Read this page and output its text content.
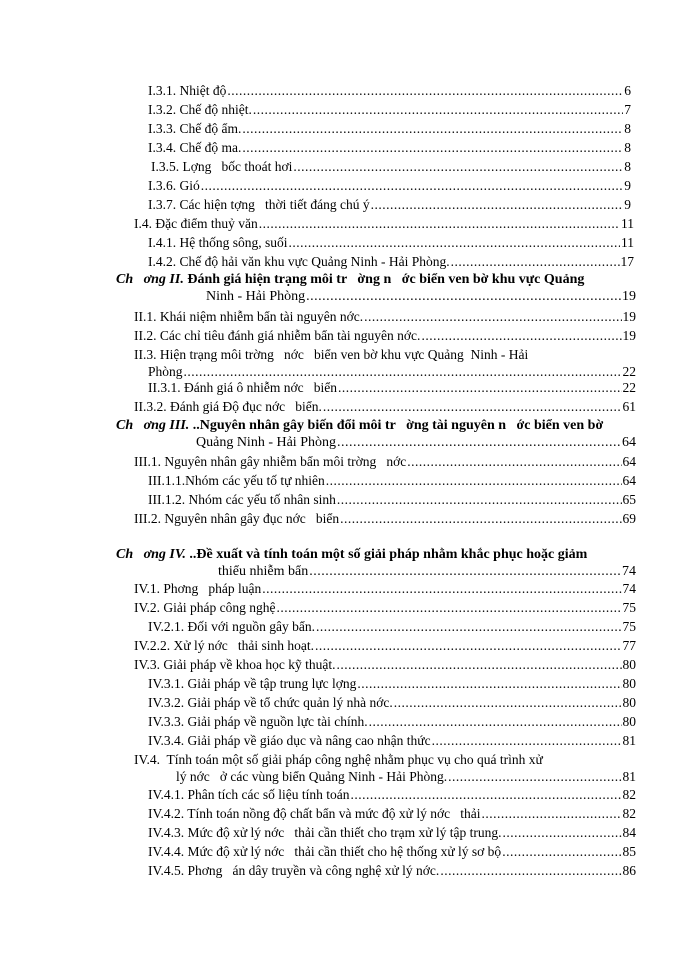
I.3.1. Nhiệt độ .....	6
I.3.2. Chế độ nhiệt. .....	7
I.3.3. Chế độ ẩm. .....	8
I.3.4. Chế độ ma. .....	8
I.3.5. Lợng   bốc thoát hơi .....	8
I.3.6. Gió .....	9
I.3.7. Các hiện tợng   thời tiết đáng chú ý .....	9
I.4. Đặc điểm thuỷ văn .....	11
I.4.1. Hệ thống sông, suối .....	11
I.4.2. Chế độ hải văn khu vực Quảng Ninh - Hải Phòng. .....	17
Ch   ơng II. Đánh giá hiện trạng môi tr   ờng n   ớc biển ven bờ khu vực Quảng
Ninh - Hải Phòng .....	19
II.1. Khái niệm nhiễm bẩn tài nguyên nớc. .....	19
II.2. Các chỉ tiêu đánh giá nhiễm bẩn tài nguyên nớc. .....	19
II.3. Hiện trạng môi trờng   nớc   biển ven bờ khu vực Quảng  Ninh - Hải
Phòng .....	22
II.3.1. Đánh giá ô nhiễm nớc   biển .....	22
II.3.2. Đánh giá Độ đục nớc   biển. .....	61
Ch   ơng III. ..Nguyên nhân gây biến đổi môi tr   ờng tài nguyên n   ớc biển ven bờ
Quảng Ninh - Hải Phòng .....	64
III.1. Nguyên nhân gây nhiễm bẩn môi trờng   nớc .....	64
III.1.1.Nhóm các yếu tố tự nhiên .....	64
III.1.2. Nhóm các yếu tố nhân sinh .....	65
III.2. Nguyên nhân gây đục nớc   biển .....	69
Ch   ơng IV. ..Đề xuất và tính toán một số giải pháp nhằm khắc phục hoặc giảm
thiểu nhiễm bẩn .....	74
IV.1. Phơng   pháp luận .....	74
IV.2. Giải pháp công nghệ .....	75
IV.2.1. Đối với nguồn gây bẩn. .....	75
IV.2.2. Xử lý nớc   thải sinh hoạt. .....	77
IV.3. Giải pháp về khoa học kỹ thuật. .....	80
IV.3.1. Giải pháp về tập trung lực lợng .....	80
IV.3.2. Giải pháp về tổ chức quản lý nhà nớc. .....	80
IV.3.3. Giải pháp về nguồn lực tài chính. .....	80
IV.3.4. Giải pháp về giáo dục và nâng cao nhận thức .....	81
IV.4.  Tính toán một số giải pháp công nghệ nhằm phục vụ cho quá trình xử
lý nớc   ở các vùng biển Quảng Ninh - Hải Phòng. .....	81
IV.4.1. Phân tích các số liệu tính toán .....	82
IV.4.2. Tính toán nồng độ chất bẩn và mức độ xử lý nớc   thải .....	82
IV.4.3. Mức độ xử lý nớc   thải cần thiết cho trạm xử lý tập trung. .....	84
IV.4.4. Mức độ xử lý nớc   thải cần thiết cho hệ thống xử lý sơ bộ .....	85
IV.4.5. Phơng   án dây truyền và công nghệ xử lý nớc. .....	86
